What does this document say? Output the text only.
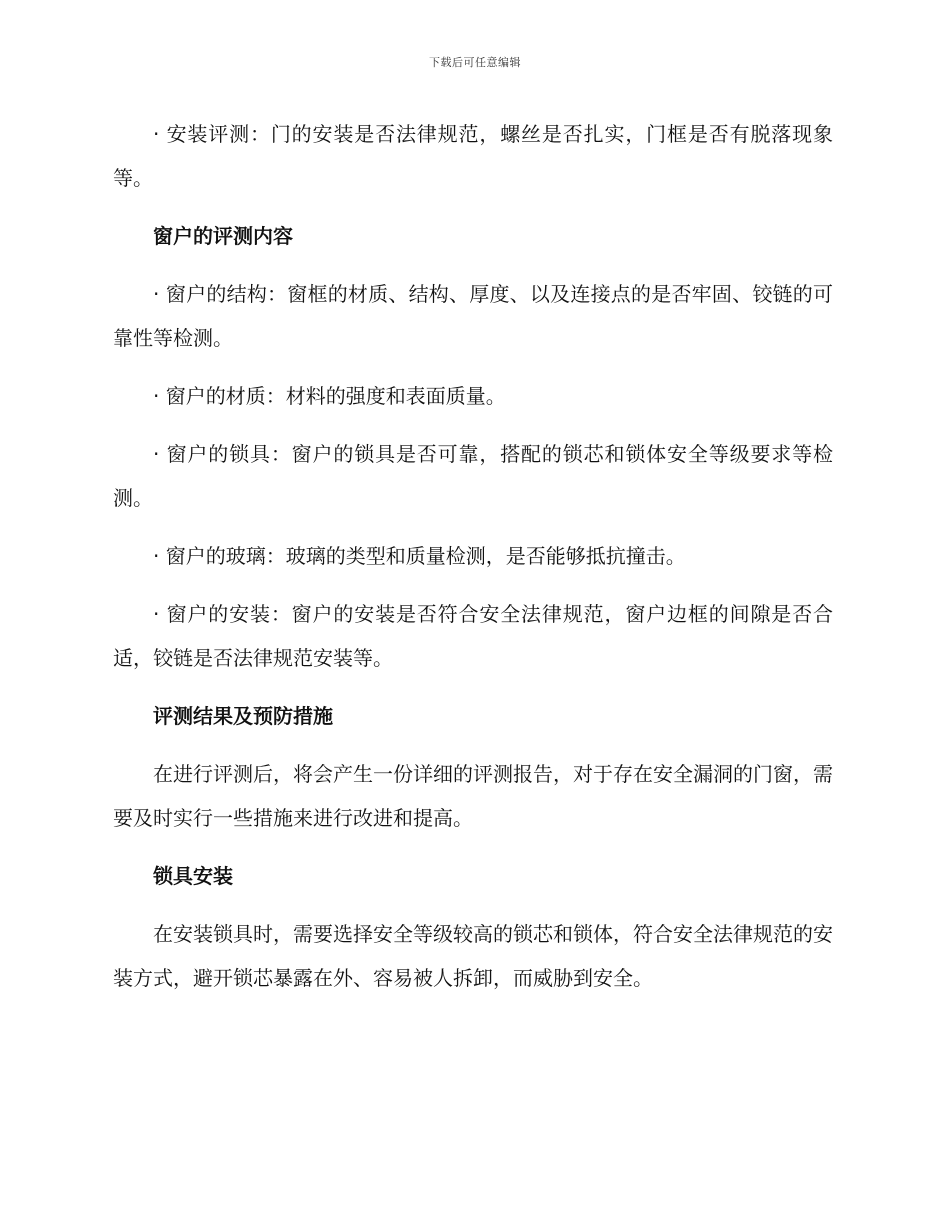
下载后可任意编辑

· 安装评测：门的安装是否法律规范，螺丝是否扎实，门框是否有脱落现象等。

窗户的评测内容

· 窗户的结构：窗框的材质、结构、厚度、以及连接点的是否牢固、铰链的可靠性等检测。

· 窗户的材质：材料的强度和表面质量。

· 窗户的锁具：窗户的锁具是否可靠，搭配的锁芯和锁体安全等级要求等检测。

· 窗户的玻璃：玻璃的类型和质量检测，是否能够抵抗撞击。

· 窗户的安装：窗户的安装是否符合安全法律规范，窗户边框的间隙是否合适，铰链是否法律规范安装等。

评测结果及预防措施

在进行评测后，将会产生一份详细的评测报告，对于存在安全漏洞的门窗，需要及时实行一些措施来进行改进和提高。

锁具安装

在安装锁具时，需要选择安全等级较高的锁芯和锁体，符合安全法律规范的安装方式，避开锁芯暴露在外、容易被人拆卸，而威胁到安全。
